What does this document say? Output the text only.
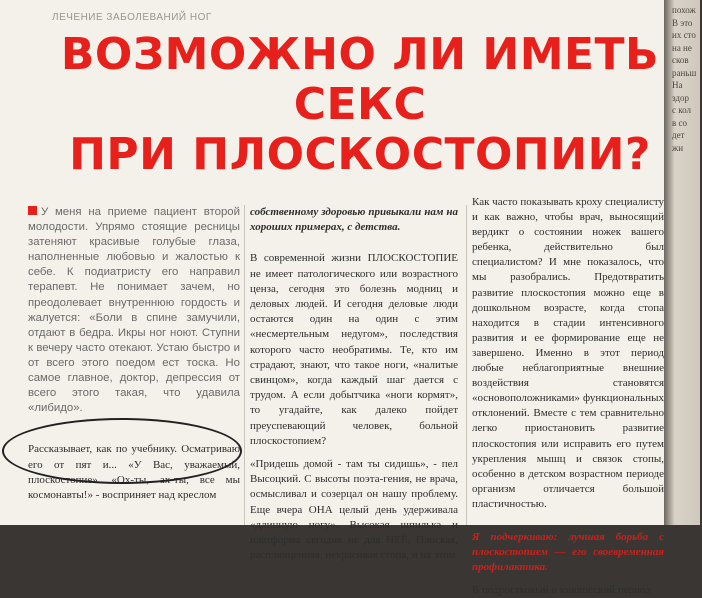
ЛЕЧЕНИЕ ЗАБОЛЕВАНИЙ НОГ
ВОЗМОЖНО ЛИ ИМЕТЬ
СЕКС
ПРИ ПЛОСКОСТОПИИ?

У меня на приеме пациент второй молодости. Упрямо стоящие ресницы затеняют красивые голубые глаза, наполненные любовью и жалостью к себе. К подиатристу его направил терапевт. Не понимает зачем, но преодолевает внутреннюю гордость и жалуется: «Боли в спине замучили, отдают в бедра. Икры ног ноют. Ступни к вечеру часто отекают. Устаю быстро и от всего этого поедом ест тоска. Но самое главное, доктор, депрессия от всего этого такая, что удавила «либидо».

Рассказывает, как по учебнику. Осматриваю его от пят и... «У Вас, уважаемый, плоскостопие». «Ох-ты, ах-ты, все мы космонавты!» - восприняет над креслом

собственному здоровью привыкали нам на хороших примерах, с детства.

В современной жизни ПЛОСКОСТОПИЕ не имеет патологического или возрастного ценза, сегодня это болезнь модниц и деловых людей. И сегодня деловые люди остаются один на один с этим «несмертельным недугом», последствия которого часто необратимы. Те, кто им страдают, знают, что такое ноги, «налитые свинцом», когда каждый шаг дается с трудом. А если добытчика «ноги кормят», то угадайте, как далеко пойдет преуспевающий человек, больной плоскостопием?

«Придешь домой - там ты сидишь», - пел Высоцкий. С высоты поэта-гения, не врача, осмысливал и созерцал он нашу проблему. Еще вчера ОНА целый день удерживала «длинную ногу». Высокая шпилька и платформа сегодня не для НЕЁ. Плоская, расплющенная, некрасивая стопа, и на этом

Как часто показывать кроху специалисту и как важно, чтобы врач, выносящий вердикт о состоянии ножек вашего ребенка, действительно был специалистом? И мне показалось, что мы разобрались. Предотвратить развитие плоскостопия можно еще в дошкольном возрасте, когда стопа находится в стадии интенсивного развития и ее формирование еще не завершено. Именно в этот период любые неблагоприятные внешние воздействия становятся «основоположниками» функциональных отклонений. Вместе с тем сравнительно легко приостановить развитие плоскостопия или исправить его путем укрепления мышц и связок стопы, особенно в детском возрастном периоде организм отличается большой пластичностью.

Я подчеркиваю: лучшая борьба с плоскостопием — его своевременная профилактика.

В подростковый и юношеский период

похож
В это
их сто
на не
сков
раньш
На
здор
с кол
в со
дет
жи
